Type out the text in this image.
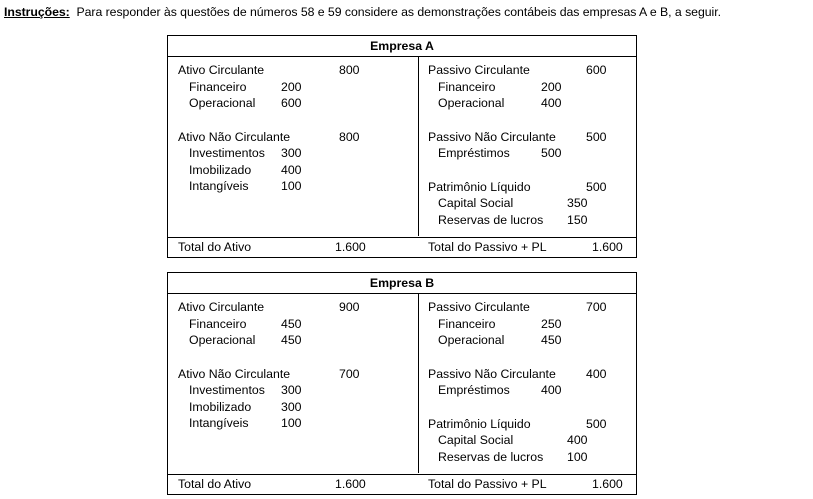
Instruções: Para responder às questões de números 58 e 59 considere as demonstrações contábeis das empresas A e B, a seguir.
Empresa A
Ativo Circulante	800
Financeiro	200
Operacional 600
Ativo Não Circulante	800
Investimentos 300
Imobilizado 400
Intangíveis	100
Passivo Circulante	600
Financeiro	200
Operacional	400
Passivo Não Circulante 500
Empréstimos	500
Patrimônio Líquido	500
Capital Social	350
Reservas de lucros 150
Total do Ativo	1.600	Total do Passivo + PL	1.600
Empresa B
Ativo Circulante	900
Financeiro	450
Operacional 450
Ativo Não Circulante	700
Investimentos 300
Imobilizado 300
Intangíveis	100
Passivo Circulante	700
Financeiro	250
Operacional	450
Passivo Não Circulante 400
Empréstimos	400
Patrimônio Líquido	500
Capital Social	400
Reservas de lucros 100
Total do Ativo	1.600	Total do Passivo + PL	1.600
